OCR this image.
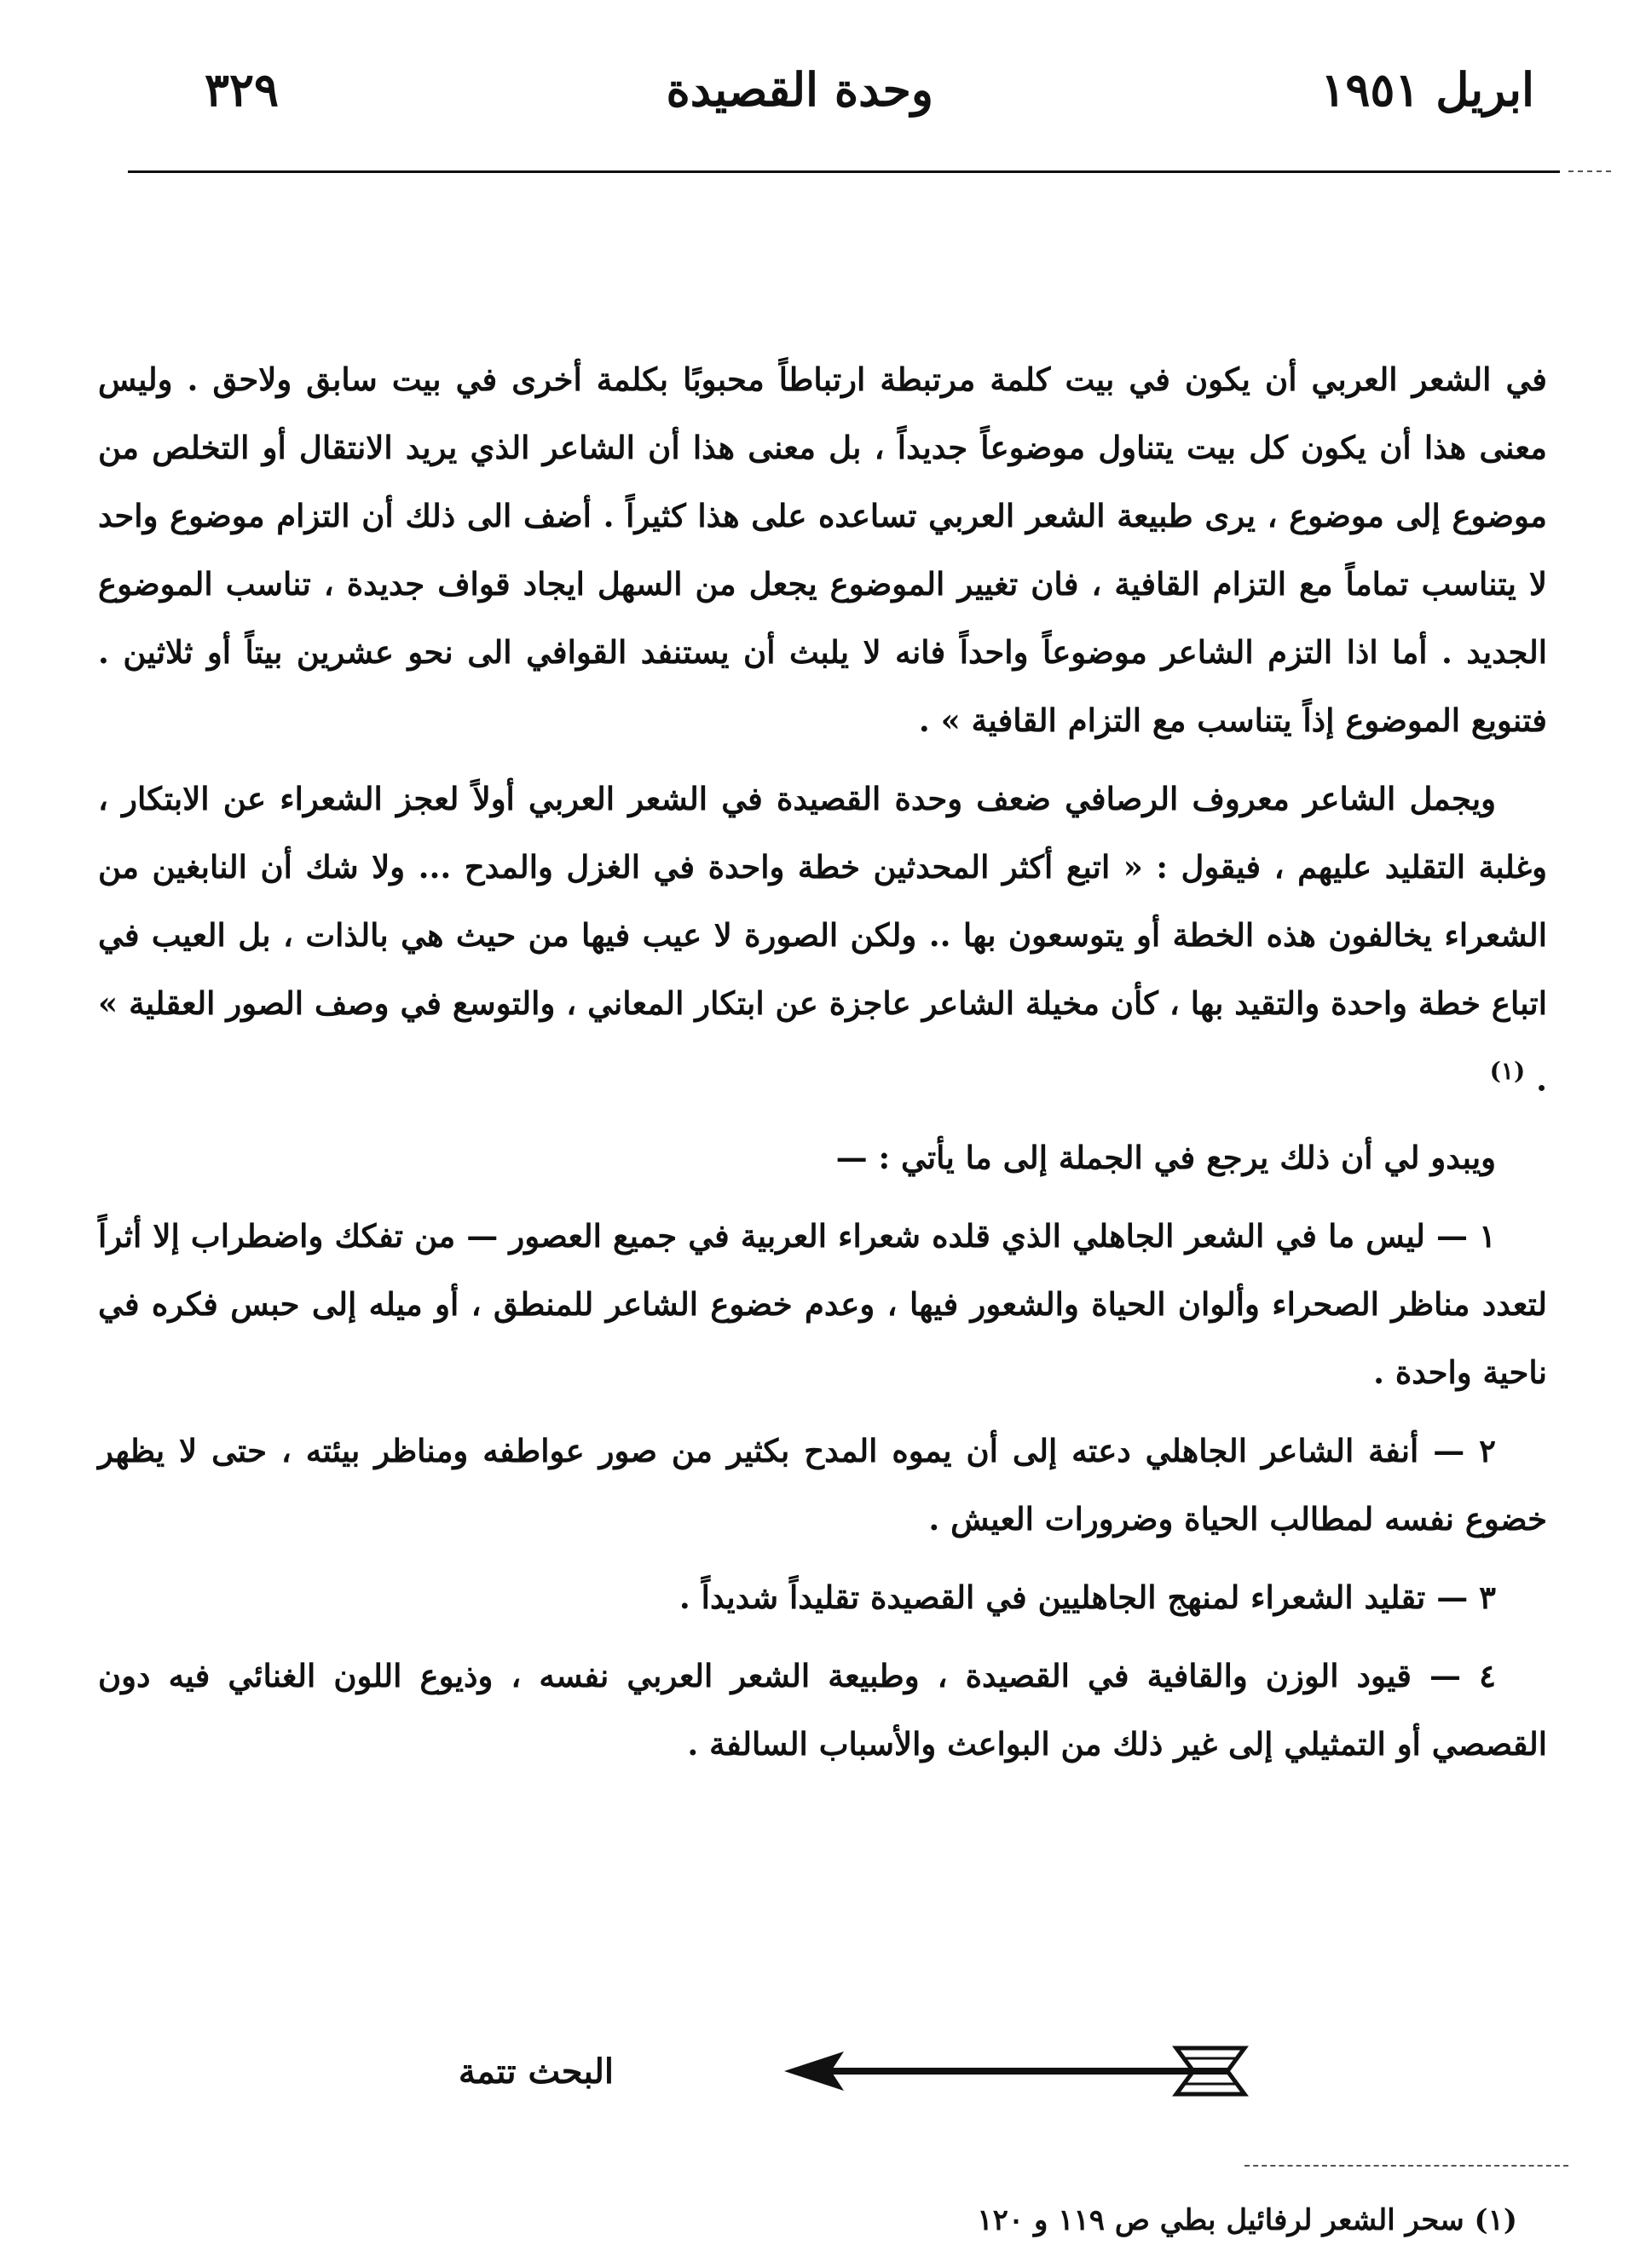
ابريل ١٩٥١
وحدة القصيدة
٣٢٩

في الشعر العربي أن يكون في بيت كلمة مرتبطة ارتباطاً محبوبًا بكلمة أخرى في بيت سابق ولاحق . وليس معنى هذا أن يكون كل بيت يتناول موضوعاً جديداً ، بل معنى هذا أن الشاعر الذي يريد الانتقال أو التخلص من موضوع إلى موضوع ، يرى طبيعة الشعر العربي تساعده على هذا كثيراً . أضف الى ذلك أن التزام موضوع واحد لا يتناسب تماماً مع التزام القافية ، فان تغيير الموضوع يجعل من السهل ايجاد قواف جديدة ، تناسب الموضوع الجديد . أما اذا التزم الشاعر موضوعاً واحداً فانه لا يلبث أن يستنفد القوافي الى نحو عشرين بيتاً أو ثلاثين . فتنويع الموضوع إذاً يتناسب مع التزام القافية » .

ويجمل الشاعر معروف الرصافي ضعف وحدة القصيدة في الشعر العربي أولاً لعجز الشعراء عن الابتكار ، وغلبة التقليد عليهم ، فيقول : « اتبع أكثر المحدثين خطة واحدة في الغزل والمدح ... ولا شك أن النابغين من الشعراء يخالفون هذه الخطة أو يتوسعون بها .. ولكن الصورة لا عيب فيها من حيث هي بالذات ، بل العيب في اتباع خطة واحدة والتقيد بها ، كأن مخيلة الشاعر عاجزة عن ابتكار المعاني ، والتوسع في وصف الصور العقلية » . $^{(١)}$

ويبدو لي أن ذلك يرجع في الجملة إلى ما يأتي : —

١ — ليس ما في الشعر الجاهلي الذي قلده شعراء العربية في جميع العصور — من تفكك واضطراب إلا أثراً لتعدد مناظر الصحراء وألوان الحياة والشعور فيها ، وعدم خضوع الشاعر للمنطق ، أو ميله إلى حبس فكره في ناحية واحدة .

٢ — أنفة الشاعر الجاهلي دعته إلى أن يموه المدح بكثير من صور عواطفه ومناظر بيئته ، حتى لا يظهر خضوع نفسه لمطالب الحياة وضرورات العيش .

٣ — تقليد الشعراء لمنهج الجاهليين في القصيدة تقليداً شديداً .

٤ — قيود الوزن والقافية في القصيدة ، وطبيعة الشعر العربي نفسه ، وذيوع اللون الغنائي فيه دون القصصي أو التمثيلي إلى غير ذلك من البواعث والأسباب السالفة .

البحث تتمة
(١) سحر الشعر لرفائيل بطي ص ١١٩ و ١٢٠
